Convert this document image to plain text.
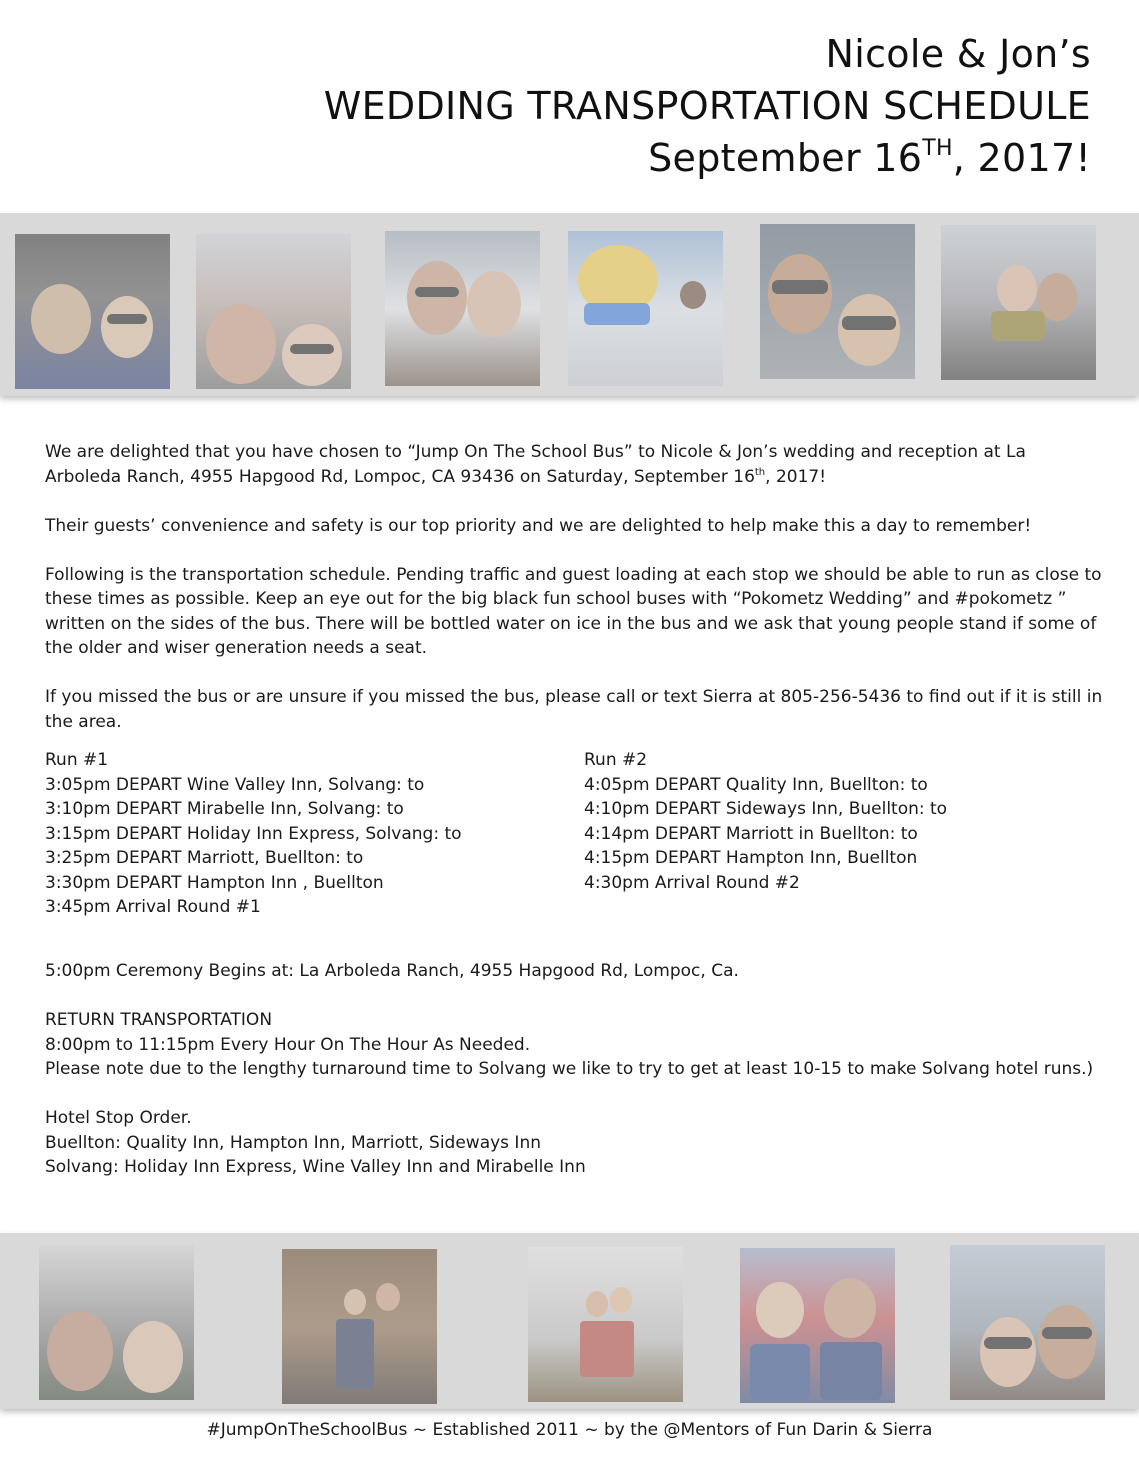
Nicole & Jon’s
WEDDING TRANSPORTATION SCHEDULE
September 16TH, 2017!

We are delighted that you have chosen to “Jump On The School Bus” to Nicole & Jon’s wedding and reception at La Arboleda Ranch, 4955 Hapgood Rd, Lompoc, CA 93436 on Saturday, September 16th, 2017!

Their guests’ convenience and safety is our top priority and we are delighted to help make this a day to remember!

Following is the transportation schedule. Pending traffic and guest loading at each stop we should be able to run as close to these times as possible. Keep an eye out for the big black fun school buses with “Pokometz Wedding” and #pokometz ” written on the sides of the bus. There will be bottled water on ice in the bus and we ask that young people stand if some of the older and wiser generation needs a seat.

If you missed the bus or are unsure if you missed the bus, please call or text Sierra at 805-256-5436 to find out if it is still in the area.

Run #1
3:05pm DEPART Wine Valley Inn, Solvang: to
3:10pm DEPART Mirabelle Inn, Solvang: to
3:15pm DEPART Holiday Inn Express, Solvang: to
3:25pm DEPART Marriott, Buellton: to
3:30pm DEPART Hampton Inn , Buellton
3:45pm Arrival Round #1
Run #2
4:05pm DEPART Quality Inn, Buellton: to
4:10pm DEPART Sideways Inn, Buellton: to
4:14pm DEPART Marriott in Buellton: to
4:15pm DEPART Hampton Inn, Buellton
4:30pm Arrival Round #2

5:00pm Ceremony Begins at: La Arboleda Ranch, 4955 Hapgood Rd, Lompoc, Ca.

RETURN TRANSPORTATION

8:00pm to 11:15pm Every Hour On The Hour As Needed.

Please note due to the lengthy turnaround time to Solvang we like to try to get at least 10-15 to make Solvang hotel runs.)

Hotel Stop Order.

Buellton: Quality Inn, Hampton Inn, Marriott, Sideways Inn

Solvang: Holiday Inn Express, Wine Valley Inn and Mirabelle Inn

#JumpOnTheSchoolBus ~ Established 2011 ~ by the @Mentors of Fun Darin & Sierra
